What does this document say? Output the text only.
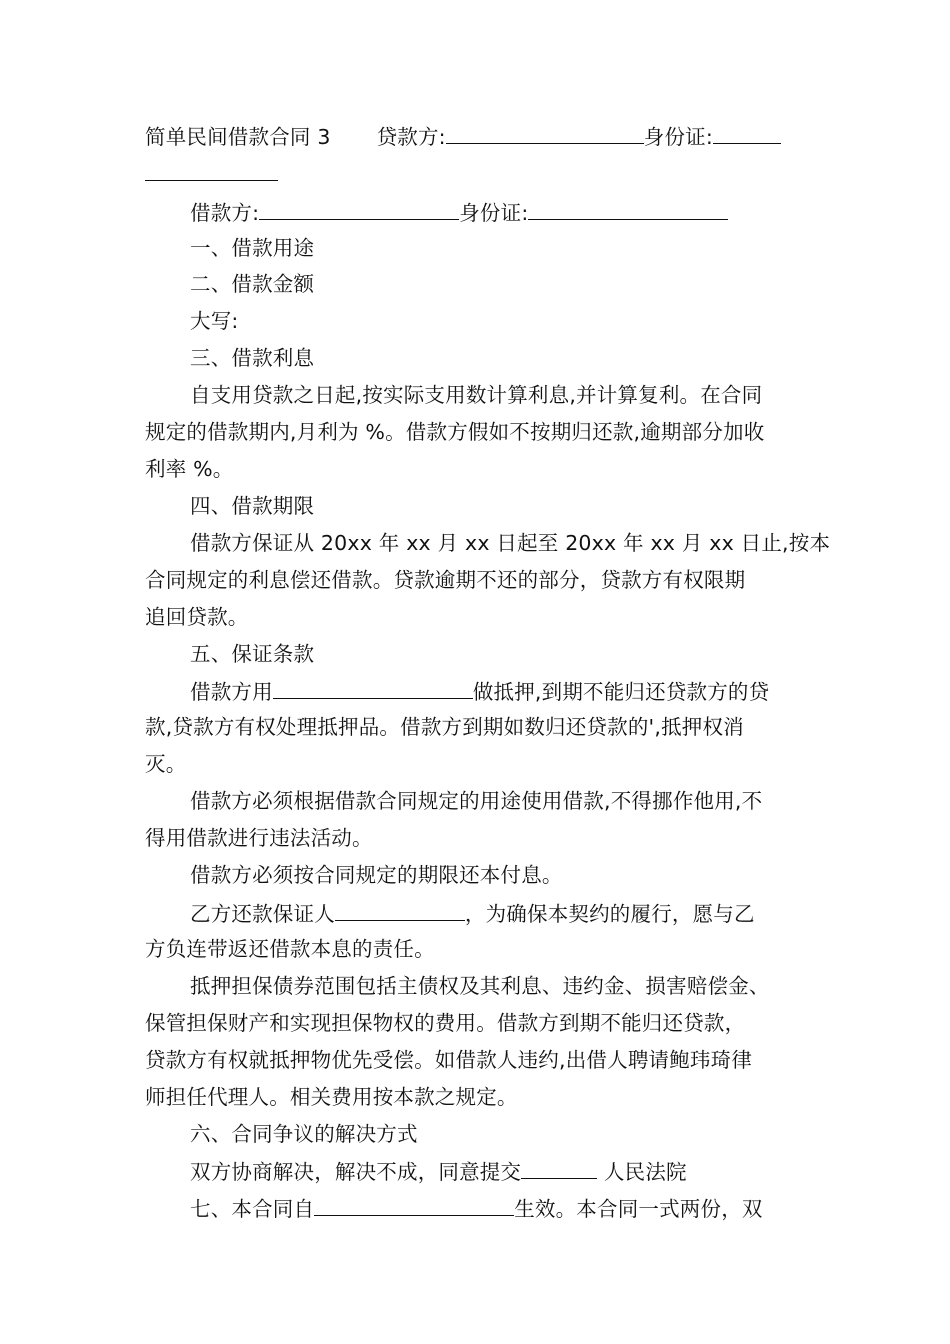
简单民间借款合同 3 贷款方:	身份证:
借款方:	身份证:
一、借款用途
二、借款金额
大写:
三、借款利息
自支用贷款之日起,按实际支用数计算利息,并计算复利。在合同
规定的借款期内,月利为 %。借款方假如不按期归还款,逾期部分加收
利率 %。
四、借款期限
借款方保证从 20xx 年 xx 月 xx 日起至 20xx 年 xx 月 xx 日止,按本
合同规定的利息偿还借款。贷款逾期不还的部分，贷款方有权限期
追回贷款。
五、保证条款
借款方用	做抵押,到期不能归还贷款方的贷
款,贷款方有权处理抵押品。借款方到期如数归还贷款的',抵押权消
灭。
借款方必须根据借款合同规定的用途使用借款,不得挪作他用,不
得用借款进行违法活动。
借款方必须按合同规定的期限还本付息。
乙方还款保证人	，为确保本契约的履行，愿与乙
方负连带返还借款本息的责任。
抵押担保债券范围包括主债权及其利息、违约金、损害赔偿金、
保管担保财产和实现担保物权的费用。借款方到期不能归还贷款，
贷款方有权就抵押物优先受偿。如借款人违约,出借人聘请鲍玮琦律
师担任代理人。相关费用按本款之规定。
六、合同争议的解决方式
双方协商解决，解决不成，同意提交	人民法院
七、本合同自	生效。本合同一式两份，双
